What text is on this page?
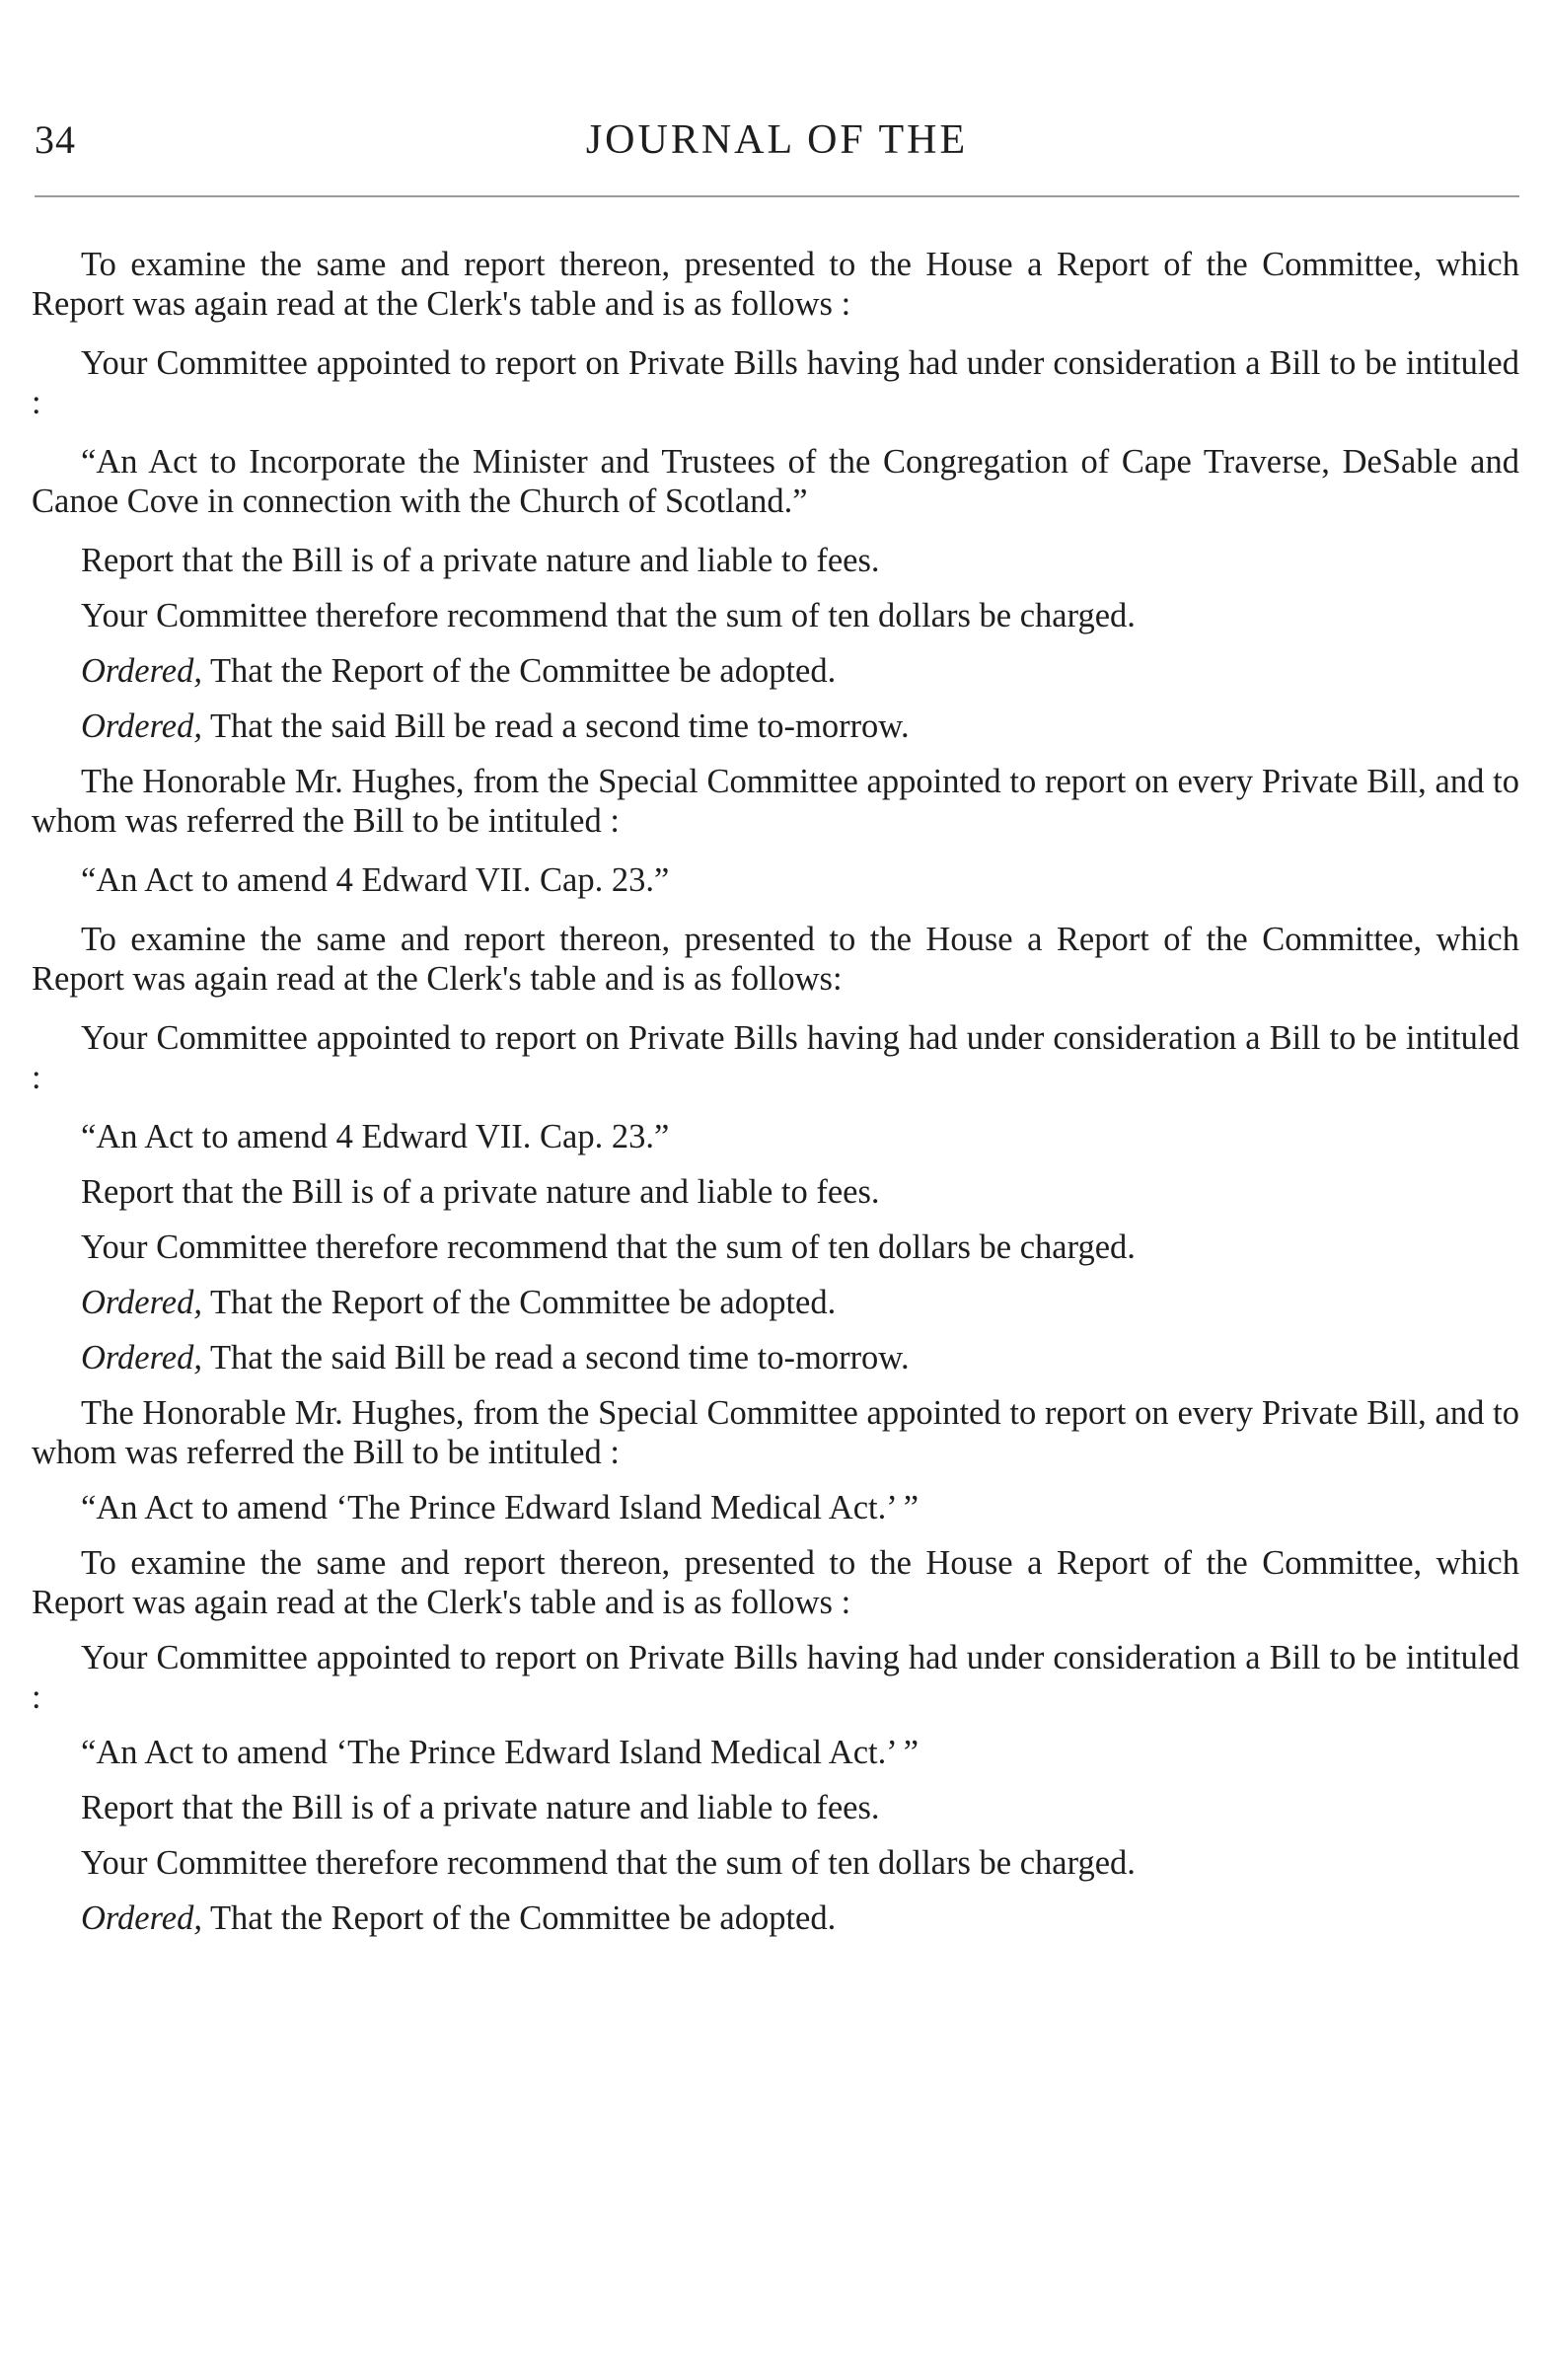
34	JOURNAL OF THE

To examine the same and report thereon, presented to the House a Report of the Committee, which Report was again read at the Clerk's table and is as follows :

Your Committee appointed to report on Private Bills having had under consideration a Bill to be intituled :

“An Act to Incorporate the Minister and Trustees of the Congregation of Cape Traverse, DeSable and Canoe Cove in connection with the Church of Scotland.”

Report that the Bill is of a private nature and liable to fees.

Your Committee therefore recommend that the sum of ten dollars be charged.

Ordered, That the Report of the Committee be adopted.

Ordered, That the said Bill be read a second time to-morrow.

The Honorable Mr. Hughes, from the Special Committee appointed to report on every Private Bill, and to whom was referred the Bill to be intituled :

“An Act to amend 4 Edward VII. Cap. 23.”

To examine the same and report thereon, presented to the House a Report of the Committee, which Report was again read at the Clerk's table and is as follows:

Your Committee appointed to report on Private Bills having had under consideration a Bill to be intituled :

“An Act to amend 4 Edward VII. Cap. 23.”

Report that the Bill is of a private nature and liable to fees.

Your Committee therefore recommend that the sum of ten dollars be charged.

Ordered, That the Report of the Committee be adopted.

Ordered, That the said Bill be read a second time to-morrow.

The Honorable Mr. Hughes, from the Special Committee appointed to report on every Private Bill, and to whom was referred the Bill to be intituled :

“An Act to amend ‘The Prince Edward Island Medical Act.’ ”

To examine the same and report thereon, presented to the House a Report of the Committee, which Report was again read at the Clerk's table and is as follows :

Your Committee appointed to report on Private Bills having had under consideration a Bill to be intituled :

“An Act to amend ‘The Prince Edward Island Medical Act.’ ”

Report that the Bill is of a private nature and liable to fees.

Your Committee therefore recommend that the sum of ten dollars be charged.

Ordered, That the Report of the Committee be adopted.
